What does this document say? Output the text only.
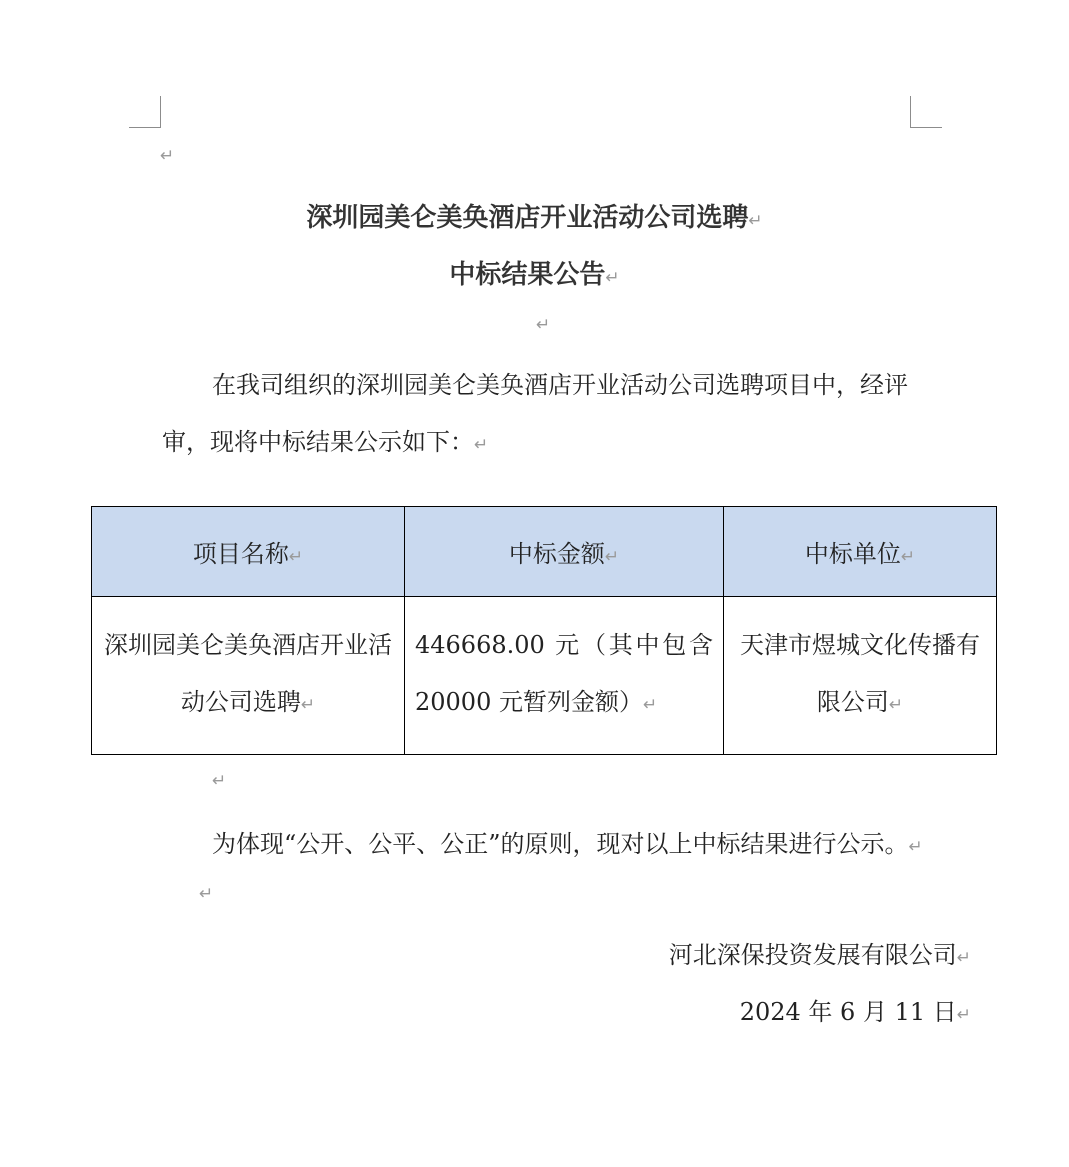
↵
深圳园美仑美奂酒店开业活动公司选聘↵
中标结果公告↵
↵
在我司组织的深圳园美仑美奂酒店开业活动公司选聘项目中，经评
审，现将中标结果公示如下：↵
项目名称↵	中标金额↵	中标单位↵
深圳园美仑美奂酒店开业活动公司选聘↵	446668.00 元（其中包含20000 元暂列金额）↵	天津市煜城文化传播有限公司↵
↵
为体现“公开、公平、公正”的原则，现对以上中标结果进行公示。↵
↵
河北深保投资发展有限公司↵
2024 年 6 月 11 日↵
